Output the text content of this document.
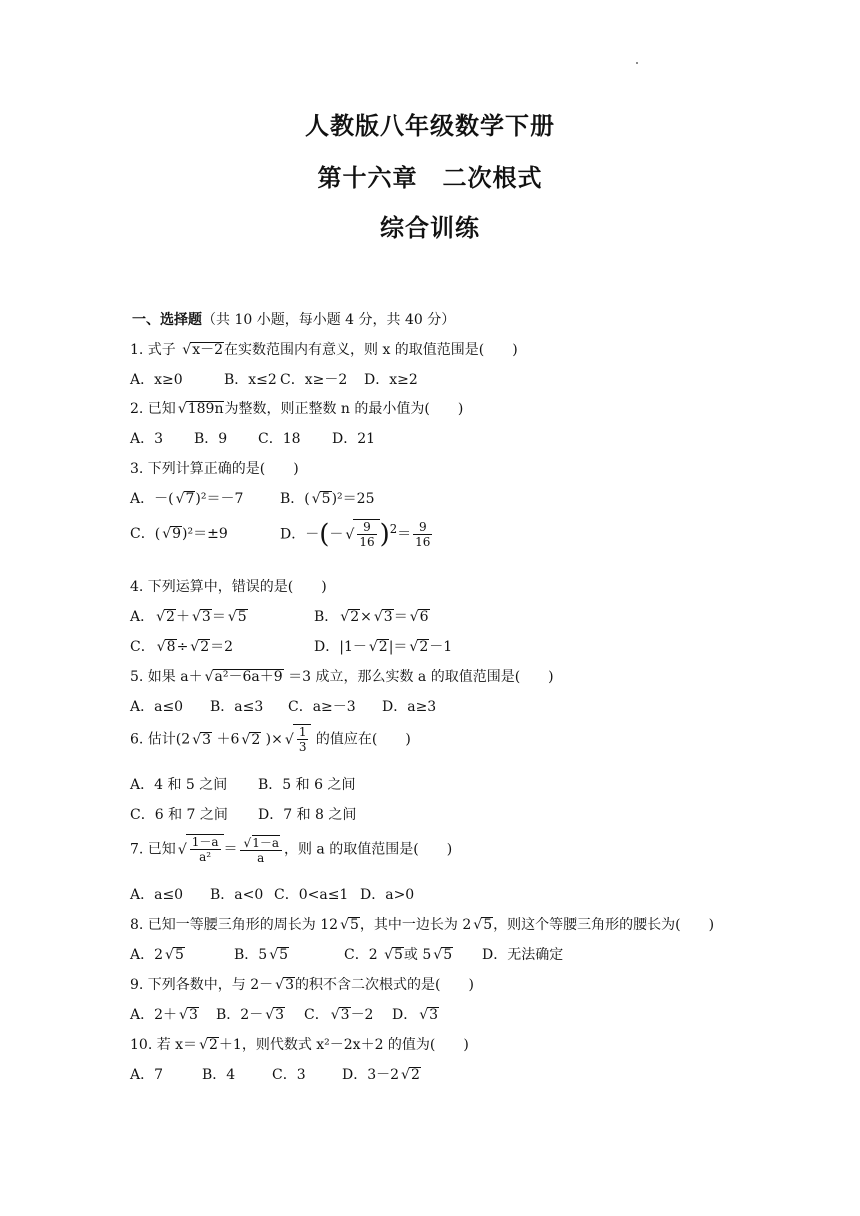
人教版八年级数学下册
第十六章　二次根式
综合训练
一、选择题（共 10 小题，每小题 4 分，共 40 分）
1. 式子 √ x－2在实数范围内有意义，则 x 的取值范围是(　　)
A．x≥0	B．x≤2 C．x≥－2 D．x≥2
2. 已知 √ 189n为整数，则正整数 n 的最小值为(　　)
A．3 B．9 C．18 D．21
3. 下列计算正确的是(　　)
A．－( √ 7)²＝－7	B．( √ 5)²＝25
C．( √ 9)²＝±9	D．－(－ √ $\frac{9}{16} )^2= \frac{9}{16}$
4. 下列运算中，错误的是(　　)
A． √ 2＋ √ 3＝ √ 5	B． √ 2× √ 3＝ √ 6
C． √ 8÷ √ 2＝2	D．|1－ √ 2|＝ √ 2－1
5. 如果 a＋ √ a²－6a＋9 ＝3 成立，那么实数 a 的取值范围是(　　)
A．a≤0 B．a≤3 C．a≥－3 D．a≥3
6. 估计(2 √ 3 ＋6 √ 2 )× √ $\frac{1}{3}$ 的值应在(　　)
A．4 和 5 之间 B．5 和 6 之间
C．6 和 7 之间 D．7 和 8 之间
7. 已知 √ $\frac{1-a}{\text{a²}}$ ＝ √ $\frac{1-a}{a}$ ，则 a 的取值范围是(　　)
A．a≤0 B．a<0 C．0<a≤1 D．a>0
8. 已知一等腰三角形的周长为 12 √ 5，其中一边长为 2 √ 5，则这个等腰三角形的腰长为(　　)
A．2 √ 5	B．5 √ 5	C．2 √ 5或 5 √ 5 D．无法确定
9. 下列各数中，与 2－ √ 3的积不含二次根式的是(　　)
A．2＋ √ 3 B．2－ √ 3 C． √ 3－2 D． √ 3
10. 若 x＝ √ 2＋1，则代数式 x²－2x＋2 的值为(　　)
A．7	B．4	C．3	D．3－2 √ 2
